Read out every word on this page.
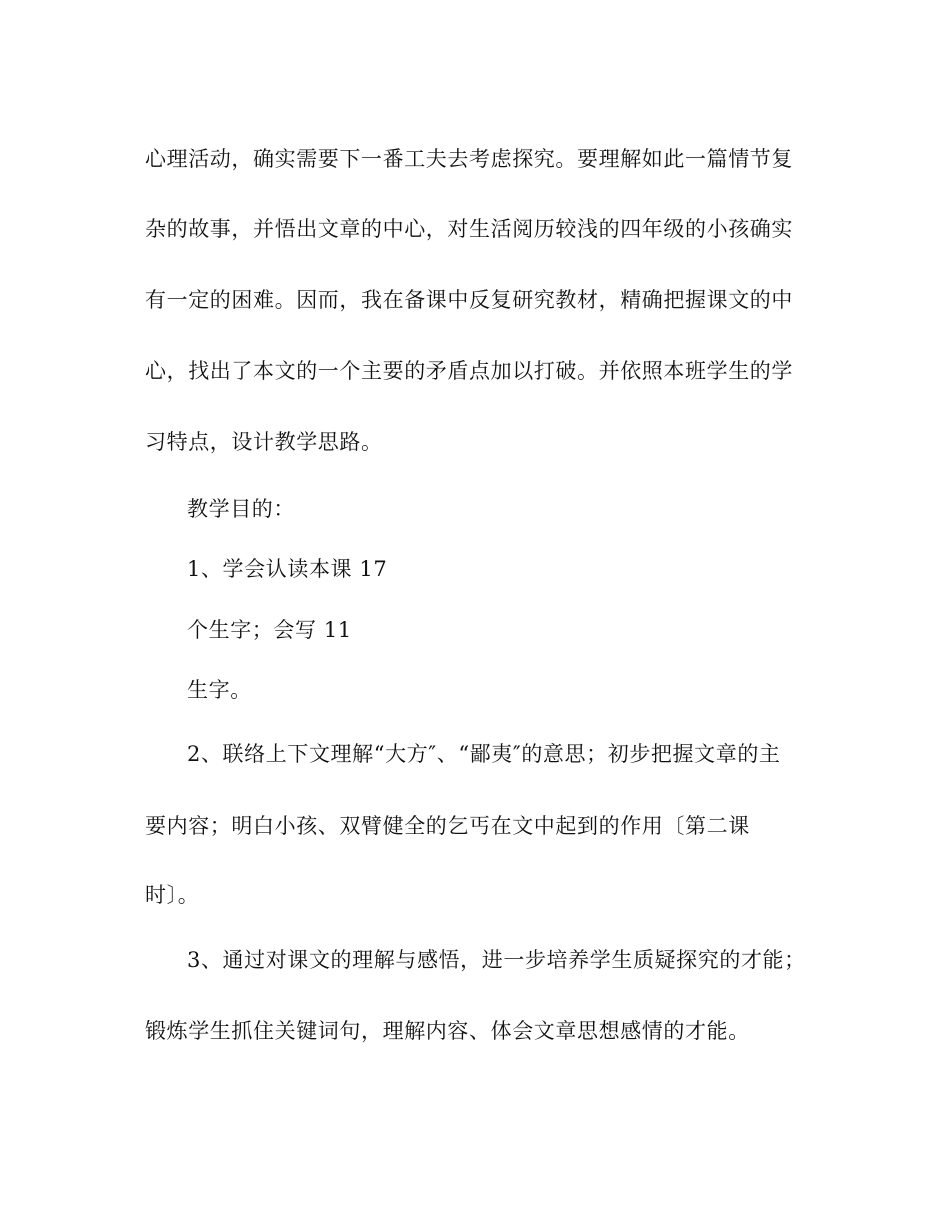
心理活动，确实需要下一番工夫去考虑探究。要理解如此一篇情节复
杂的故事，并悟出文章的中心，对生活阅历较浅的四年级的小孩确实
有一定的困难。因而，我在备课中反复研究教材，精确把握课文的中
心，找出了本文的一个主要的矛盾点加以打破。并依照本班学生的学
习特点，设计教学思路。
教学目的：
1、学会认读本课 17
个生字；会写 11
生字。
2、联络上下文理解“大方″、“鄙夷″的意思；初步把握文章的主
要内容；明白小孩、双臂健全的乞丐在文中起到的作用〔第二课
时〕。
3、通过对课文的理解与感悟，进一步培养学生质疑探究的才能；
锻炼学生抓住关键词句，理解内容、体会文章思想感情的才能。
